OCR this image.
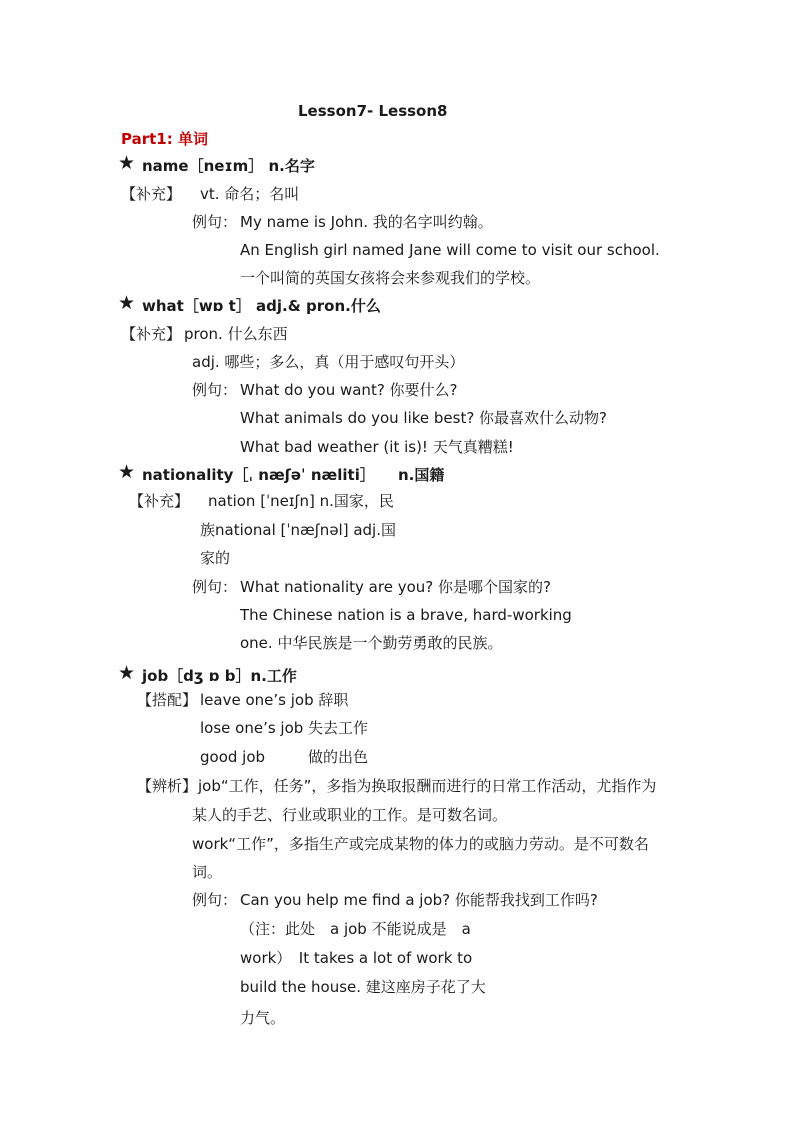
Lesson7- Lesson8
Part1: 单词
★ name［neɪm］ n.名字
【补充】 vt. 命名；名叫
例句： My name is John. 我的名字叫约翰。
An English girl named Jane will come to visit our school.
一个叫简的英国女孩将会来参观我们的学校。
★ what［wɒ t］ adj.& pron.什么
【补充】 pron. 什么东西
adj. 哪些；多么，真（用于感叹句开头）
例句： What do you want? 你要什么?
What animals do you like best? 你最喜欢什么动物?
What bad weather (it is)! 天气真糟糕!
★ nationality［ˌ næʃəˈ næliti］ n.国籍
【补充】 nation [ˈneɪʃn] n.国家，民
族national [ˈnæʃnəl] adj.国
家的
例句： What nationality are you? 你是哪个国家的?
The Chinese nation is a brave, hard-working
one. 中华民族是一个勤劳勇敢的民族。
★ job［dʒ ɒ b］n.工作
【搭配】 leave one’s job 辞职
lose one’s job 失去工作
good job	做的出色
【辨析】 job“工作，任务”，多指为换取报酬而进行的日常工作活动，尤指作为
某人的手艺、行业或职业的工作。是可数名词。
work“工作”，多指生产或完成某物的体力的或脑力劳动。是不可数名
词。
例句： Can you help me find a job? 你能帮我找到工作吗?
（注：此处　a job 不能说成是　a
work）　It takes a lot of work to
build the house. 建这座房子花了大
力气。
